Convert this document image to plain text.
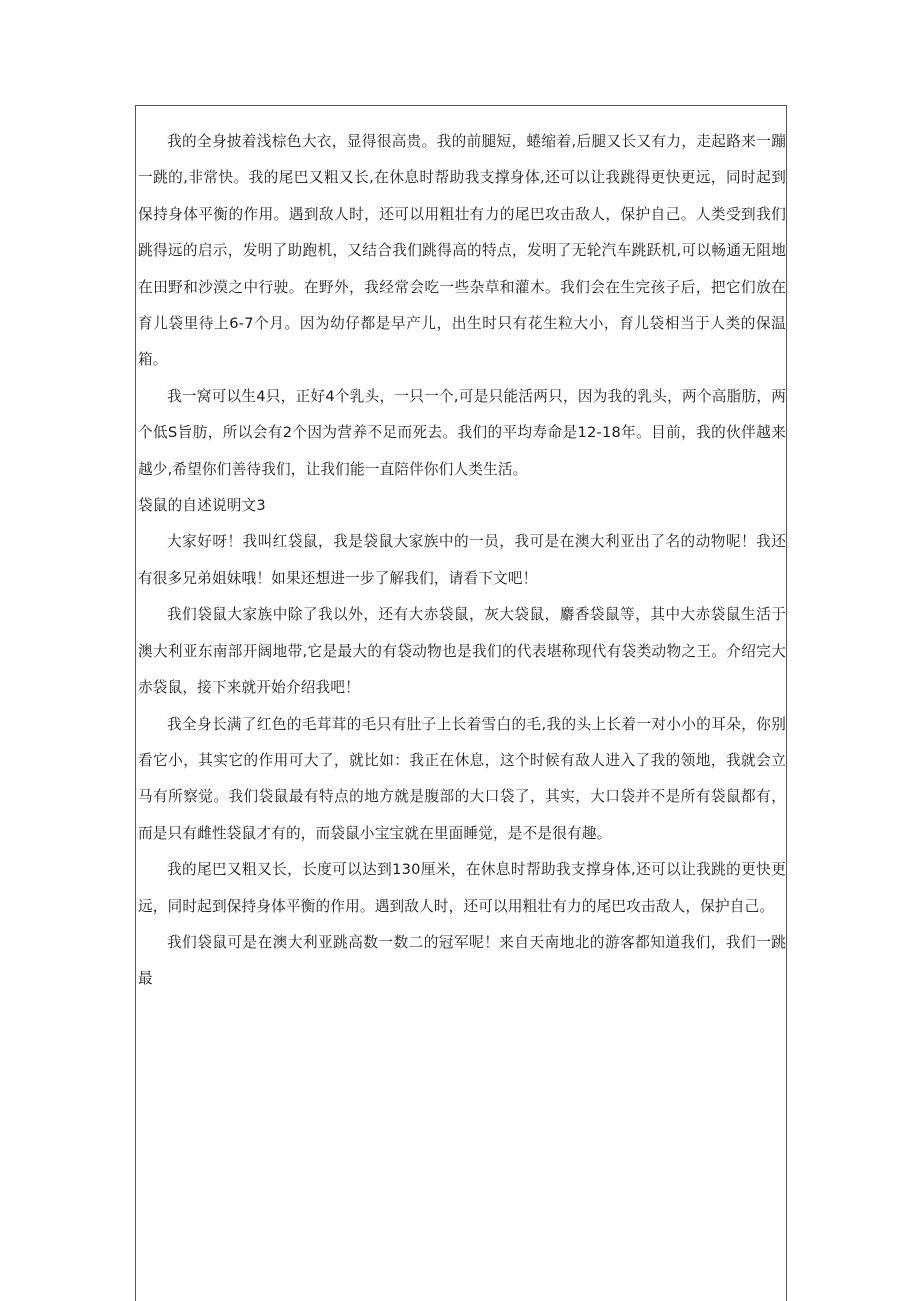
我的全身披着浅棕色大衣，显得很高贵。我的前腿短，蜷缩着,后腿又长又有力，走起路来一蹦一跳的,非常快。我的尾巴又粗又长,在休息时帮助我支撑身体,还可以让我跳得更快更远，同时起到保持身体平衡的作用。遇到敌人时，还可以用粗壮有力的尾巴攻击敌人，保护自己。人类受到我们跳得远的启示，发明了助跑机，又结合我们跳得高的特点，发明了无轮汽车跳跃机,可以畅通无阻地在田野和沙漠之中行驶。在野外，我经常会吃一些杂草和灌木。我们会在生完孩子后，把它们放在育儿袋里待上6-7个月。因为幼仔都是早产儿，出生时只有花生粒大小，育儿袋相当于人类的保温箱。

我一窝可以生4只，正好4个乳头，一只一个,可是只能活两只，因为我的乳头，两个高脂肪，两个低S旨肪，所以会有2个因为营养不足而死去。我们的平均寿命是12-18年。目前，我的伙伴越来越少,希望你们善待我们，让我们能一直陪伴你们人类生活。

袋鼠的自述说明文3

大家好呀！我叫红袋鼠，我是袋鼠大家族中的一员，我可是在澳大利亚出了名的动物呢！我还有很多兄弟姐妹哦！如果还想进一步了解我们，请看下文吧！

我们袋鼠大家族中除了我以外，还有大赤袋鼠，灰大袋鼠，麝香袋鼠等，其中大赤袋鼠生活于澳大利亚东南部开阔地带,它是最大的有袋动物也是我们的代表堪称现代有袋类动物之王。介绍完大赤袋鼠，接下来就开始介绍我吧！

我全身长满了红色的毛茸茸的毛只有肚子上长着雪白的毛,我的头上长着一对小小的耳朵，你别看它小，其实它的作用可大了，就比如：我正在休息，这个时候有敌人进入了我的领地，我就会立马有所察觉。我们袋鼠最有特点的地方就是腹部的大口袋了，其实，大口袋并不是所有袋鼠都有，而是只有雌性袋鼠才有的，而袋鼠小宝宝就在里面睡觉，是不是很有趣。

我的尾巴又粗又长，长度可以达到130厘米，在休息时帮助我支撑身体,还可以让我跳的更快更远，同时起到保持身体平衡的作用。遇到敌人时，还可以用粗壮有力的尾巴攻击敌人，保护自己。

我们袋鼠可是在澳大利亚跳高数一数二的冠军呢！来自天南地北的游客都知道我们，我们一跳最
